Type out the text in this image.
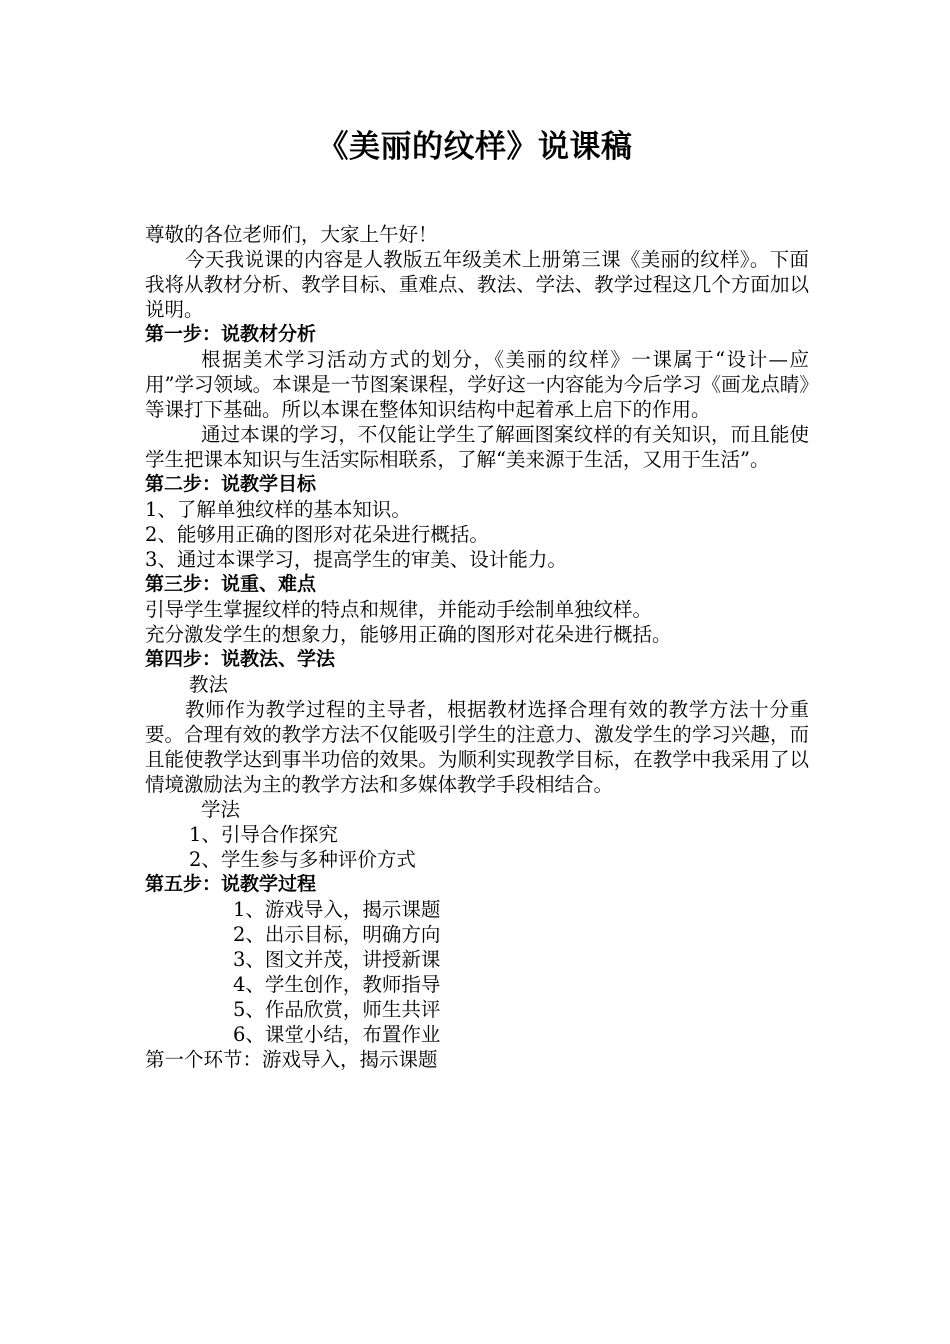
《美丽的纹样》说课稿

尊敬的各位老师们，大家上午好！

今天我说课的内容是人教版五年级美术上册第三课《美丽的纹样》。下面我将从教材分析、教学目标、重难点、教法、学法、教学过程这几个方面加以说明。

第一步：说教材分析

根据美术学习活动方式的划分，《美丽的纹样》一课属于“设计—应用”学习领域。本课是一节图案课程，学好这一内容能为今后学习《画龙点睛》等课打下基础。所以本课在整体知识结构中起着承上启下的作用。

通过本课的学习，不仅能让学生了解画图案纹样的有关知识，而且能使学生把课本知识与生活实际相联系，了解“美来源于生活，又用于生活”。

第二步：说教学目标

1、了解单独纹样的基本知识。

2、能够用正确的图形对花朵进行概括。

3、通过本课学习，提高学生的审美、设计能力。

第三步：说重、难点

引导学生掌握纹样的特点和规律，并能动手绘制单独纹样。

充分激发学生的想象力，能够用正确的图形对花朵进行概括。

第四步：说教法、学法

教法

教师作为教学过程的主导者，根据教材选择合理有效的教学方法十分重要。合理有效的教学方法不仅能吸引学生的注意力、激发学生的学习兴趣，而且能使教学达到事半功倍的效果。为顺利实现教学目标，在教学中我采用了以情境激励法为主的教学方法和多媒体教学手段相结合。

学法

1、引导合作探究

2、学生参与多种评价方式

第五步：说教学过程

1、游戏导入，揭示课题

2、出示目标，明确方向

3、图文并茂，讲授新课

4、学生创作，教师指导

5、作品欣赏，师生共评

6、课堂小结，布置作业

第一个环节：游戏导入，揭示课题
